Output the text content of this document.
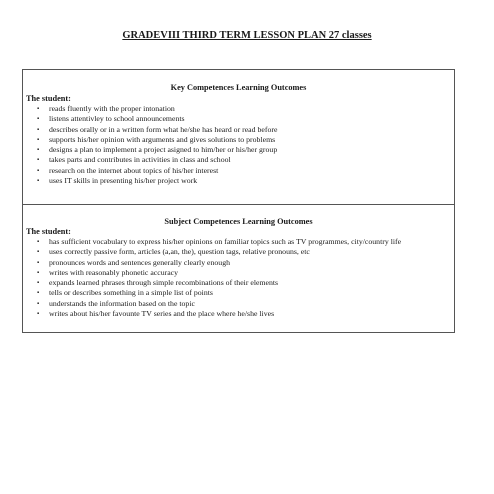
GRADEVIII THIRD TERM LESSON PLAN 27 classes
Key Competences Learning Outcomes
The student:
▪ reads fluently with the proper intonation
▪ listens attentivley to school announcements
▪ describes orally or in a written form what he/she has heard or read before
▪ supports his/her opinion with arguments and gives solutions to problems
▪ designs a plan to implement a project asigned to him/her or his/her group
▪ takes parts and contributes in activities in class and school
▪ research on the internet about topics of his/her interest
▪ uses IT skills in presenting his/her project work
Subject Competences Learning Outcomes
The student:
▪ has sufficient vocabulary to express his/her opinions on familiar topics such as TV programmes, city/country life
▪ uses correctly passive form, articles (a,an, the), question tags, relative pronouns, etc
▪ pronounces words and sentences generally clearly enough
▪ writes with reasonably phonetic accuracy
▪ expands learned phrases through simple recombinations of their elements
▪ tells or describes something in a simple list of points
▪ understands the information based on the topic
▪ writes about his/her favounte TV series and the place where he/she lives
